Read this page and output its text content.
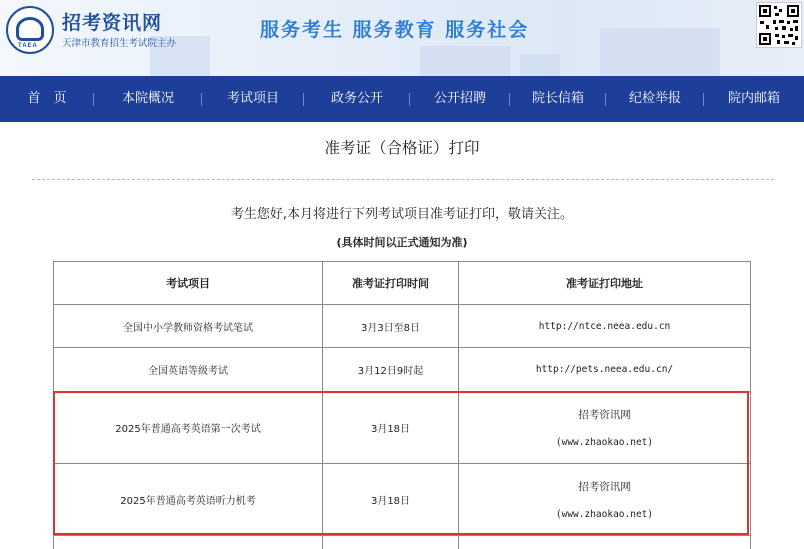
TAEA
招考资讯网
天津市教育招生考试院主办
服务考生 服务教育 服务社会
首　页	本院概况	考试项目	政务公开	公开招聘	院长信箱	纪检举报	院内邮箱
准考证（合格证）打印
考生您好,本月将进行下列考试项目准考证打印，敬请关注。
(具体时间以正式通知为准)
考试项目	准考证打印时间	准考证打印地址
全国中小学教师资格考试笔试	3月3日至8日	http://ntce.neea.edu.cn
全国英语等级考试	3月12日9时起	http://pets.neea.edu.cn/
2025年普通高考英语第一次考试	3月18日	招考资讯网
(www.zhaokao.net)

2025年普通高考英语听力机考	3月18日	招考资讯网
(www.zhaokao.net)
